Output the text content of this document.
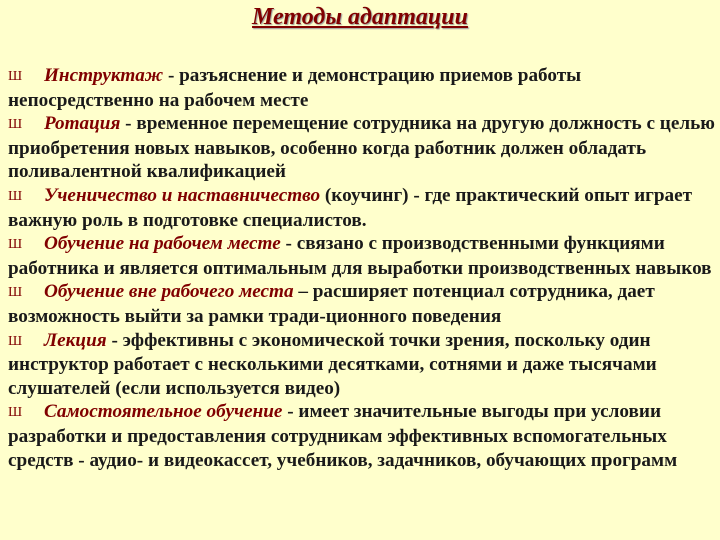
Методы адаптации

Ш Инструктаж - разъяснение и демонстрацию приемов работы непосредственно на рабочем месте

Ш Ротация - временное перемещение сотрудника на другую должность с целью приобретения новых навыков, особенно когда работник должен обладать поливалентной квалификацией

Ш Ученичество и наставничество (коучинг) - где практический опыт играет важную роль в подготовке специалистов.

Ш Обучение на рабочем месте - связано с производственными функциями работника и является оптимальным для выработки производственных навыков

Ш Обучение вне рабочего места – расширяет потенциал сотрудника, дает возможность выйти за рамки тради-ционного поведения

Ш Лекция - эффективны с экономической точки зрения, поскольку один инструктор работает с несколькими десятками, сотнями и даже тысячами слушателей (если используется видео)

Ш Самостоятельное обучение - имеет значительные выгоды при условии разработки и предоставления сотрудникам эффективных вспомогательных средств - аудио- и видеокассет, учебников, задачников, обучающих программ
